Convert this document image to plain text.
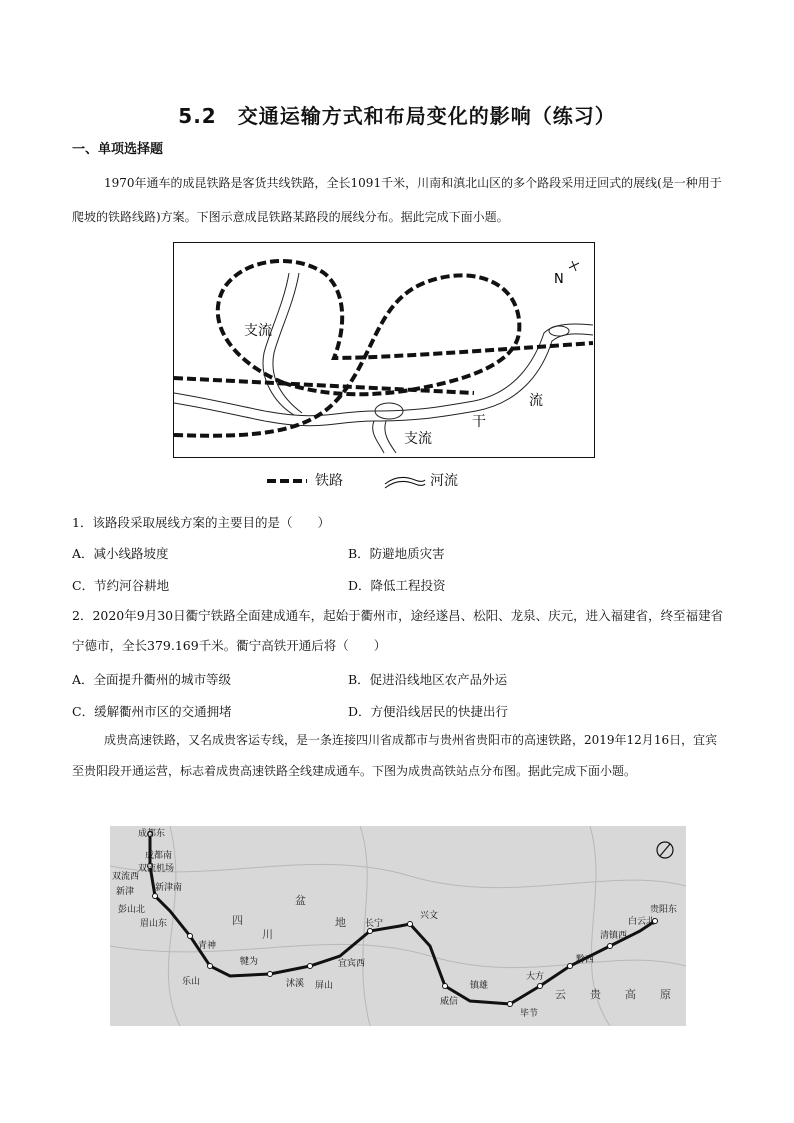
5.2　交通运输方式和布局变化的影响（练习）
一、单项选择题
1970年通车的成昆铁路是客货共线铁路，全长1091千米，川南和滇北山区的多个路段采用迂回式的展线(是一种用于爬坡的铁路线路)方案。下图示意成昆铁路某路段的展线分布。据此完成下面小题。
N
支流
支流
干
流
铁路	河流
1．该路段采取展线方案的主要目的是（　　）
A．减小线路坡度	B．防避地质灾害
C．节约河谷耕地	D．降低工程投资
2．2020年9月30日衢宁铁路全面建成通车，起始于衢州市，途经遂昌、松阳、龙泉、庆元，进入福建省，终至福建省宁德市，全长379.169千米。衢宁高铁开通后将（　　）
A．全面提升衢州的城市等级	B．促进沿线地区农产品外运
C．缓解衢州市区的交通拥堵	D．方便沿线居民的快捷出行
成贵高速铁路，又名成贵客运专线，是一条连接四川省成都市与贵州省贵阳市的高速铁路，2019年12月16日，宜宾至贵阳段开通运营，标志着成贵高速铁路全线建成通车。下图为成贵高铁站点分布图。据此完成下面小题。
成都东
成都南
双流机场
双流西
新津南
新津
彭山北
眉山东
青神
乐山
犍为
沭溪 屏山
宜宾西
长宁
兴文
威信
镇雄
毕节
大方
黔西
清镇西
白云北
贵阳东
四
川
盆
地
云 贵 高 原
